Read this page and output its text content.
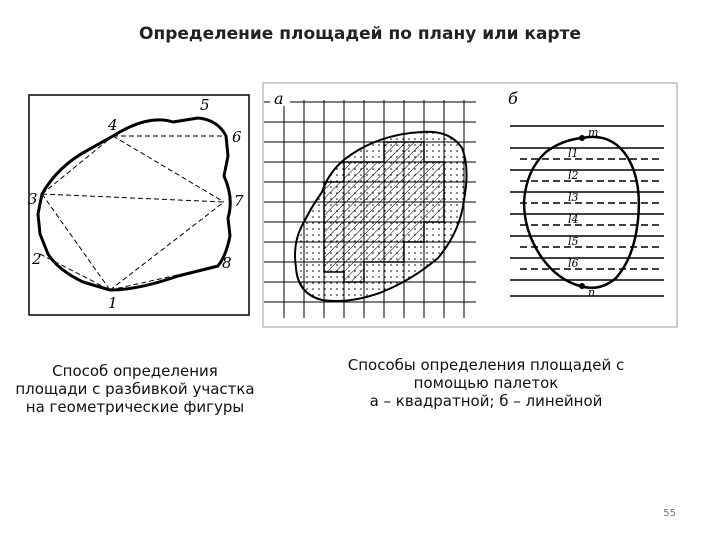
Определение площадей по плану или карте
1
2
3
4
5
6
7
8
а	б
m
l1
l2
l3
l4
l5
l6
n
Способ определения
площади с разбивкой участка
на геометрические фигуры
Способы определения площадей с
помощью палеток
а – квадратной; б – линейной
55
